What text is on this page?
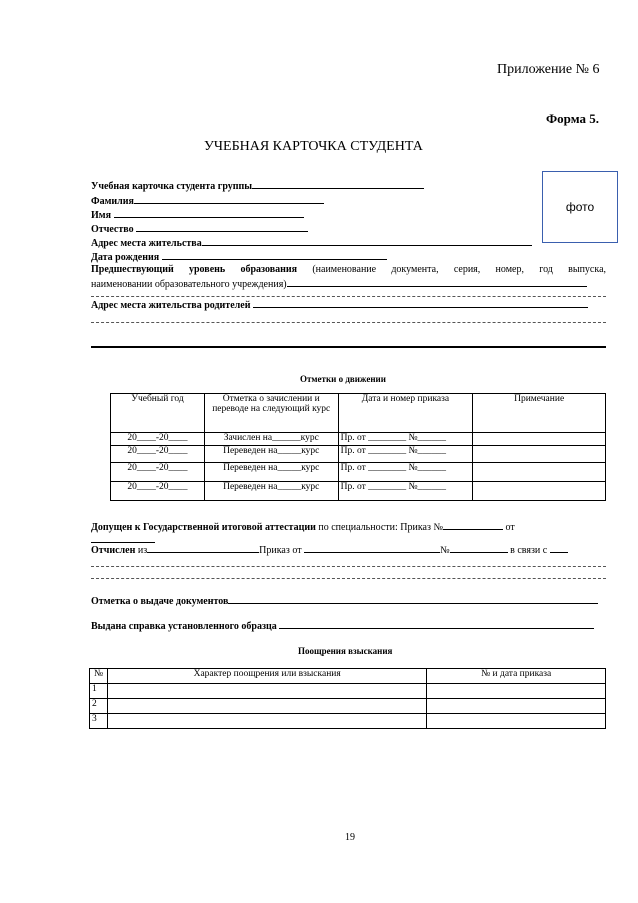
Приложение № 6
Форма 5.
УЧЕБНАЯ КАРТОЧКА СТУДЕНТА
фото
Учебная карточка студента группы
Фамилия
Имя
Отчество
Адрес места жительства
Дата рождения
Предшествующий уровень образования (наименование документа, серия, номер, год выпуска,
наименовании образовательного учреждения)
Адрес места жительства родителей
Отметки о движении
Учебный год	Отметка о зачислении и переводе на следующий курс	Дата и номер приказа	Примечание
20____-20____	Зачислен на______курс	Пр. от ________ №______	
20____-20____	Переведен на_____курс	Пр. от ________ №______	
20____-20____	Переведен на_____курс	Пр. от ________ №______	
20____-20____	Переведен на_____курс	Пр. от ________ №______	
Допущен к Государственной итоговой аттестации по специальности: Приказ №	от
Отчислен из	Приказ от	№	в связи с
Отметка о выдаче документов
Выдана справка установленного образца
Поощрения взыскания
№	Характер поощрения или взыскания	№ и дата приказа
1		
2		
3		
19
